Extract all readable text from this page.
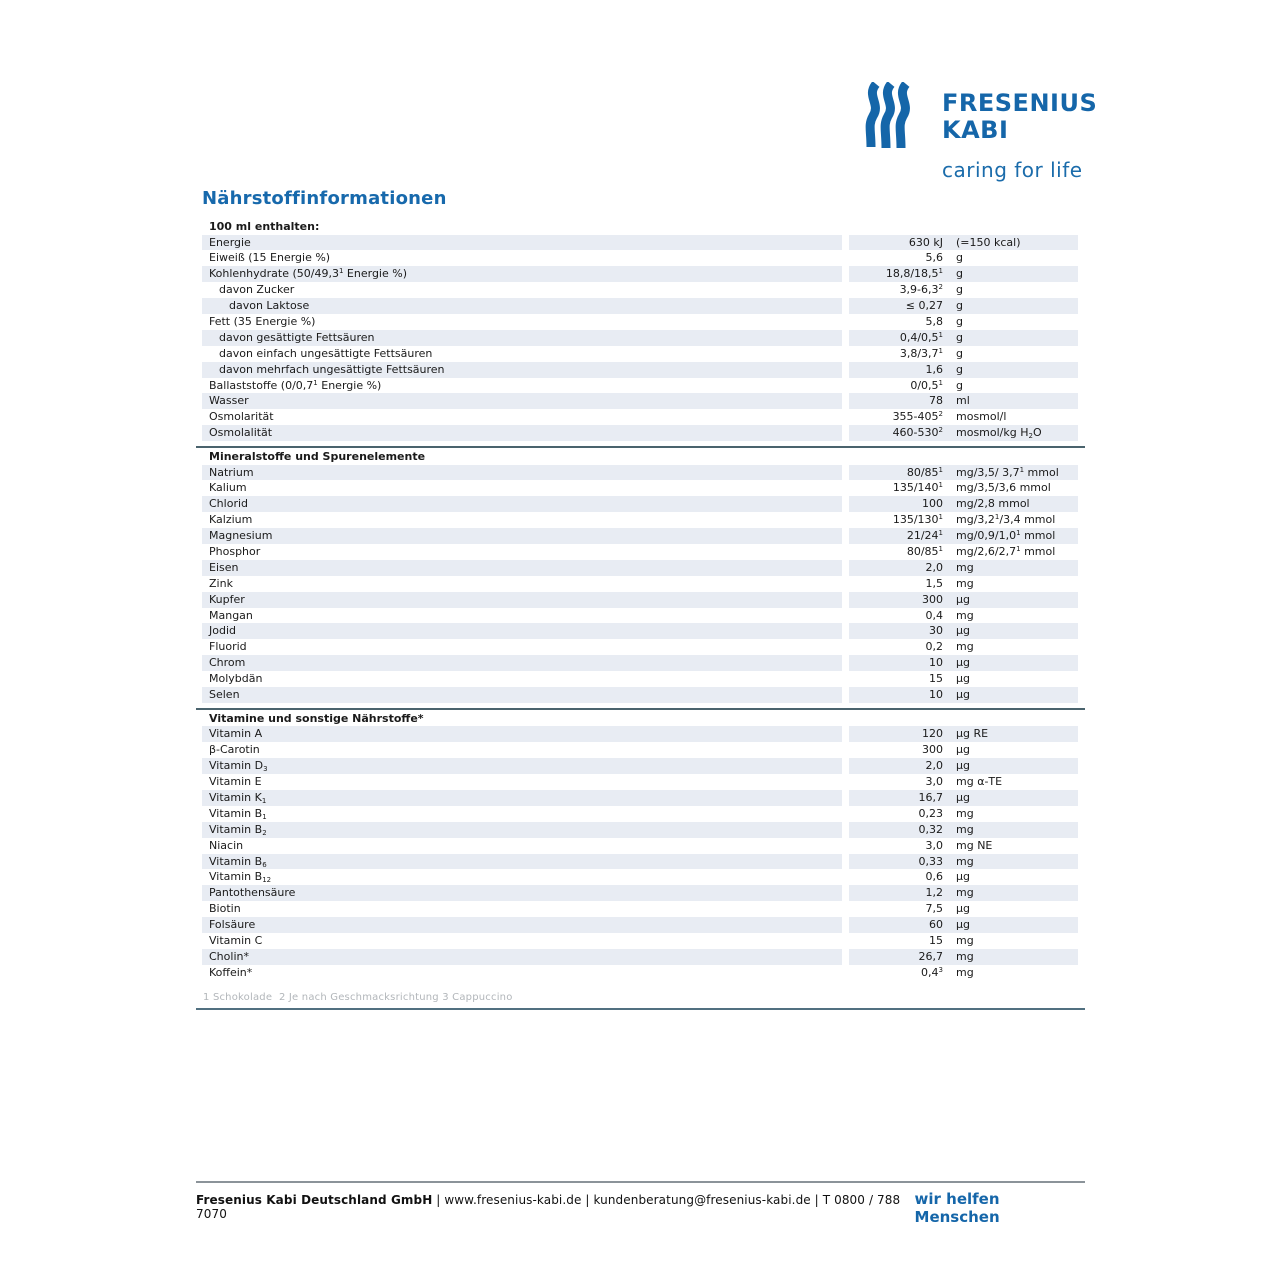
FRESENIUS
KABI
caring for life
Nährstoffinformationen
100 ml enthalten:
Energie	630 kJ	(=150 kcal)
Eiweiß (15 Energie %)	5,6	g
Kohlenhydrate (50/49,3$^1$ Energie %)	18,8/18,5$^1$	g
davon Zucker	$3,9-6,3^2$	g
davon Laktose	≤ 0,27	g
Fett (35 Energie %)	5,8	g
davon gesättigte Fettsäuren	$0,4/0,5^1$	g
davon einfach ungesättigte Fettsäuren	$3,8/3,7^1$	g
davon mehrfach ungesättigte Fettsäuren	1,6	g
Ballaststoffe ($0/0,7^1$ Energie %)	$0/0,5^1$	g
Wasser	78	ml
Osmolarität	$355-405^2$	mosmol/l
Osmolalität	$460-530^2$	mosmol/kg $H_2O$
Mineralstoffe und Spurenelemente
Natrium	$80/85^1$	mg/3,5/ $3,7^1$ mmol
Kalium	$135/140^1$	mg/3,5/3,6 mmol
Chlorid	100	mg/2,8 mmol
Kalzium	$135/130^1$	$mg/3,2^1/3,4$ mmol
Magnesium	$21/24^1$	$mg/0,9/1,0^1$ mmol
Phosphor	$80/85^1$	$mg/2,6/2,7^1$ mmol
Eisen	2,0	mg
Zink	1,5	mg
Kupfer	300	µg
Mangan	0,4	mg
Jodid	30	µg
Fluorid	0,2	mg
Chrom	10	µg
Molybdän	15	µg
Selen	10	µg
Vitamine und sonstige Nährstoffe*
Vitamin A	120	µg RE
β-Carotin	300	µg
Vitamin $D_3$	2,0	µg
Vitamin E	3,0	mg α-TE
Vitamin $K_1$	16,7	µg
Vitamin $B_1$	0,23	mg
Vitamin $B_2$	0,32	mg
Niacin	3,0	mg NE
Vitamin $B_6$	0,33	mg
Vitamin $B_{12}$	0,6	µg
Pantothensäure	1,2	mg
Biotin	7,5	µg
Folsäure	60	µg
Vitamin C	15	mg
Cholin*	26,7	mg
Koffein*	$0,4^3$	mg
1 Schokolade  2 Je nach Geschmacksrichtung 3 Cappuccino
Fresenius Kabi Deutschland GmbH | www.fresenius-kabi.de | kundenberatung@fresenius-kabi.de | T 0800 / 788 7070
wir helfen Menschen
